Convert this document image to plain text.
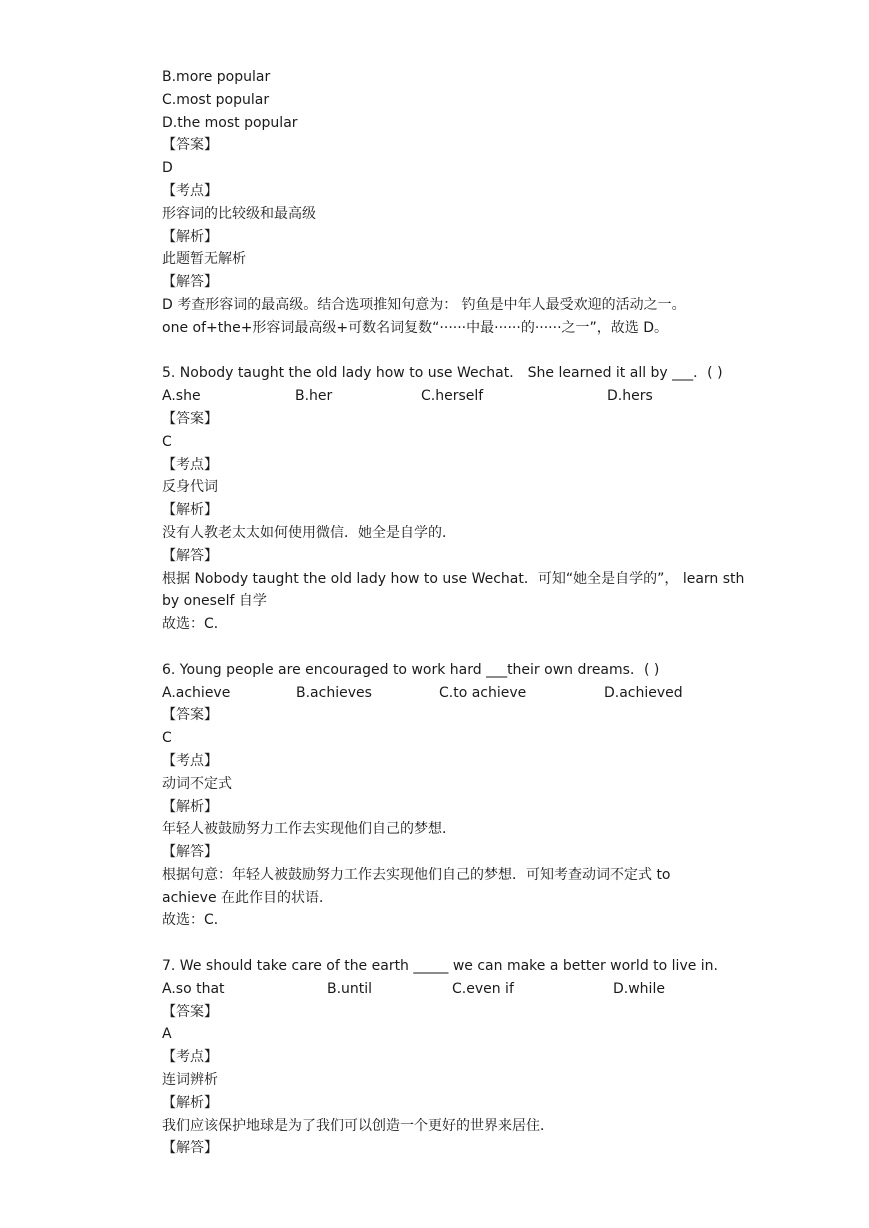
B.more popular
C.most popular
D.the most popular
【答案】
D
【考点】
形容词的比较级和最高级
【解析】
此题暂无解析
【解答】
D 考查形容词的最高级。结合选项推知句意为： 钓鱼是中年人最受欢迎的活动之一。
one of+the+形容词最高级+可数名词复数“······中最······的······之一”，故选 D。
5. Nobody taught the old lady how to use Wechat． She learned it all by ___．( )
A.she	B.her	C.herself	D.hers
【答案】
C
【考点】
反身代词
【解析】
没有人教老太太如何使用微信．她全是自学的．
【解答】
根据 Nobody taught the old lady how to use Wechat．可知“她全是自学的”， learn sth
by oneself 自学
故选：C．
6. Young people are encouraged to work hard ___their own dreams．( )
A.achieve	B.achieves	C.to achieve	D.achieved
【答案】
C
【考点】
动词不定式
【解析】
年轻人被鼓励努力工作去实现他们自己的梦想．
【解答】
根据句意：年轻人被鼓励努力工作去实现他们自己的梦想．可知考查动词不定式 to
achieve 在此作目的状语．
故选：C．
7. We should take care of the earth _____ we can make a better world to live in.
A.so that	B.until	C.even if	D.while
【答案】
A
【考点】
连词辨析
【解析】
我们应该保护地球是为了我们可以创造一个更好的世界来居住．
【解答】
